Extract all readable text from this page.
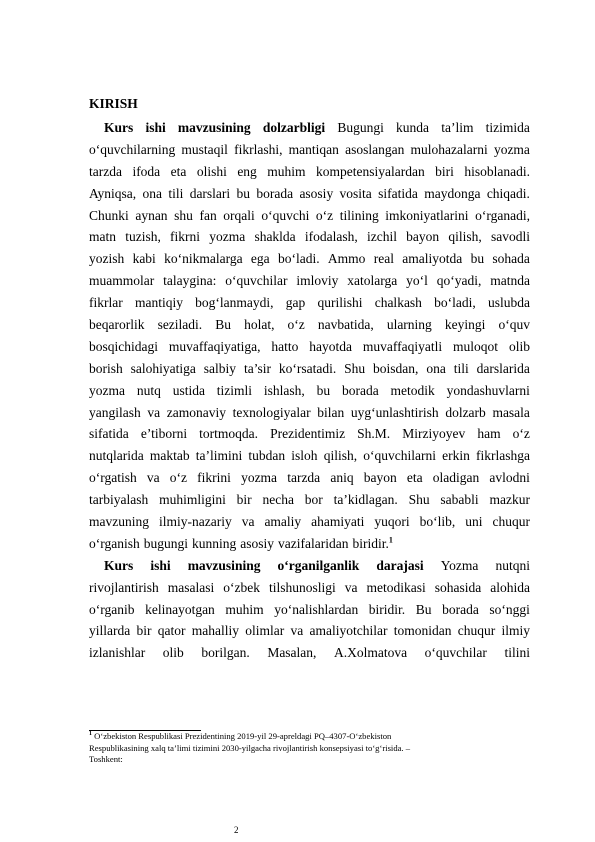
KIRISH
Kurs ishi mavzusining dolzarbligi Bugungi kunda ta’lim tizimida
o‘quvchilarning mustaqil fikrlashi, mantiqan asoslangan mulohazalarni yozma
tarzda ifoda eta olishi eng muhim kompetensiyalardan biri hisoblanadi.
Ayniqsa, ona tili darslari bu borada asosiy vosita sifatida maydonga chiqadi.
Chunki aynan shu fan orqali o‘quvchi o‘z tilining imkoniyatlarini o‘rganadi,
matn tuzish, fikrni yozma shaklda ifodalash, izchil bayon qilish, savodli
yozish kabi ko‘nikmalarga ega bo‘ladi. Ammo real amaliyotda bu sohada
muammolar talaygina: o‘quvchilar imloviy xatolarga yo‘l qo‘yadi, matnda
fikrlar mantiqiy bog‘lanmaydi, gap qurilishi chalkash bo‘ladi, uslubda
beqarorlik seziladi. Bu holat, o‘z navbatida, ularning keyingi o‘quv
bosqichidagi muvaffaqiyatiga, hatto hayotda muvaffaqiyatli muloqot olib
borish salohiyatiga salbiy ta’sir ko‘rsatadi. Shu boisdan, ona tili darslarida
yozma nutq ustida tizimli ishlash, bu borada metodik yondashuvlarni
yangilash va zamonaviy texnologiyalar bilan uyg‘unlashtirish dolzarb masala
sifatida e’tiborni tortmoqda. Prezidentimiz Sh.M. Mirziyoyev ham o‘z
nutqlarida maktab ta’limini tubdan isloh qilish, o‘quvchilarni erkin fikrlashga
o‘rgatish va o‘z fikrini yozma tarzda aniq bayon eta oladigan avlodni
tarbiyalash muhimligini bir necha bor ta’kidlagan. Shu sababli mazkur
mavzuning ilmiy-nazariy va amaliy ahamiyati yuqori bo‘lib, uni chuqur
o‘rganish bugungi kunning asosiy vazifalaridan biridir.$^1$
Kurs ishi mavzusining o‘rganilganlik darajasi Yozma nutqni
rivojlantirish masalasi o‘zbek tilshunosligi va metodikasi sohasida alohida
o‘rganib kelinayotgan muhim yo‘nalishlardan biridir. Bu borada so‘nggi
yillarda bir qator mahalliy olimlar va amaliyotchilar tomonidan chuqur ilmiy
izlanishlar olib borilgan. Masalan, A.Xolmatova o‘quvchilar tilini
$^1$ O‘zbekiston Respublikasi Prezidentining 2019-yil 29-apreldagi PQ–4307-O‘zbekiston
Respublikasining xalq ta’limi tizimini 2030-yilgacha rivojlantirish konsepsiyasi to‘g‘risida. –
Toshkent:
2
